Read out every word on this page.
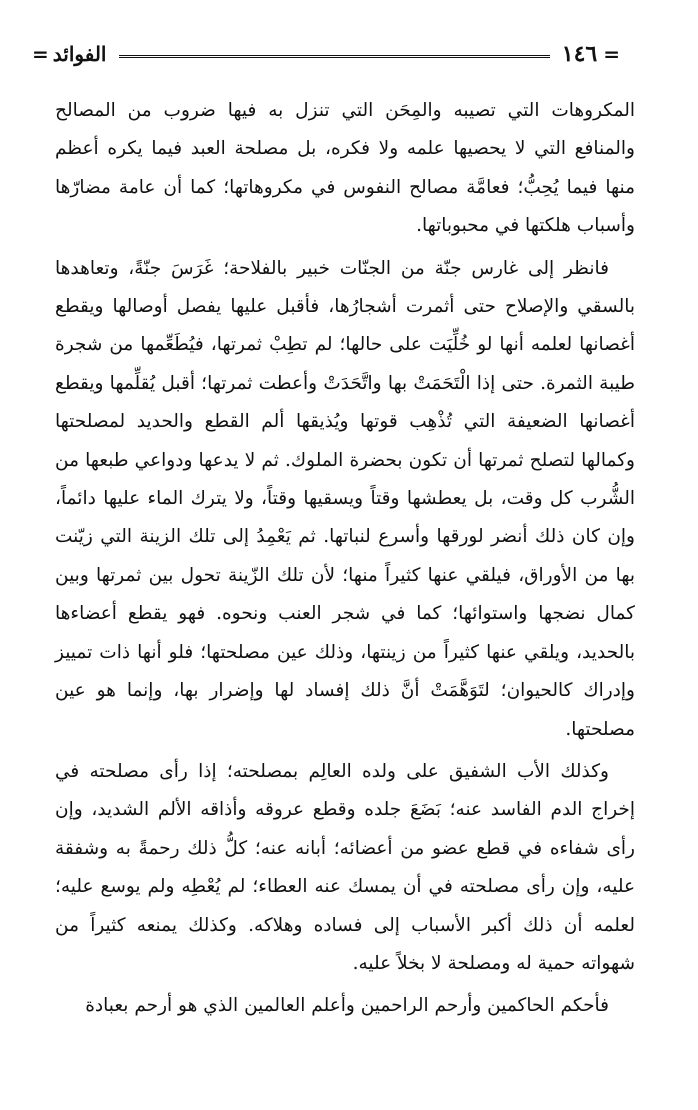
=
١٤٦
الفوائد
=

المكروهات التي تصيبه والمِحَن التي تنزل به فيها ضروب من المصالح والمنافع التي لا يحصيها علمه ولا فكره، بل مصلحة العبد فيما يكره أعظم منها فيما يُحِبُّ؛ فعامَّة مصالح النفوس في مكروهاتها؛ كما أن عامة مضارّها وأسباب هلكتها في محبوباتها.

فانظر إلى غارس جنّة من الجنّات خبير بالفلاحة؛ غَرَسَ جنّةً، وتعاهدها بالسقي والإصلاح حتى أثمرت أشجارُها، فأقبل عليها يفصل أوصالها ويقطع أغصانها لعلمه أنها لو خُلِّيَت على حالها؛ لم تطِبْ ثمرتها، فيُطَعِّمها من شجرة طيبة الثمرة. حتى إذا الْتَحَمَتْ بها واتَّحَدَتْ وأعطت ثمرتها؛ أقبل يُقلِّمها ويقطع أغصانها الضعيفة التي تُذْهِب قوتها ويُذيقها ألم القطع والحديد لمصلحتها وكمالها لتصلح ثمرتها أن تكون بحضرة الملوك. ثم لا يدعها ودواعي طبعها من الشُّرب كل وقت، بل يعطشها وقتاً ويسقيها وقتاً، ولا يترك الماء عليها دائماً، وإن كان ذلك أنضر لورقها وأسرع لنباتها. ثم يَعْمِدُ إلى تلك الزينة التي زيّنت بها من الأوراق، فيلقي عنها كثيراً منها؛ لأن تلك الزّينة تحول بين ثمرتها وبين كمال نضجها واستوائها؛ كما في شجر العنب ونحوه. فهو يقطع أعضاءها بالحديد، ويلقي عنها كثيراً من زينتها، وذلك عين مصلحتها؛ فلو أنها ذات تمييز وإدراك كالحيوان؛ لتَوَهَّمَتْ أنَّ ذلك إفساد لها وإضرار بها، وإنما هو عين مصلحتها.

وكذلك الأب الشفيق على ولده العالِم بمصلحته؛ إذا رأى مصلحته في إخراج الدم الفاسد عنه؛ بَضَعَ جلده وقطع عروقه وأذاقه الألم الشديد، وإن رأى شفاءه في قطع عضو من أعضائه؛ أبانه عنه؛ كلُّ ذلك رحمةً به وشفقة عليه، وإن رأى مصلحته في أن يمسك عنه العطاء؛ لم يُعْطِه ولم يوسع عليه؛ لعلمه أن ذلك أكبر الأسباب إلى فساده وهلاكه. وكذلك يمنعه كثيراً من شهواته حمية له ومصلحة لا بخلاً عليه.

فأحكم الحاكمين وأرحم الراحمين وأعلم العالمين الذي هو أرحم بعبادة
